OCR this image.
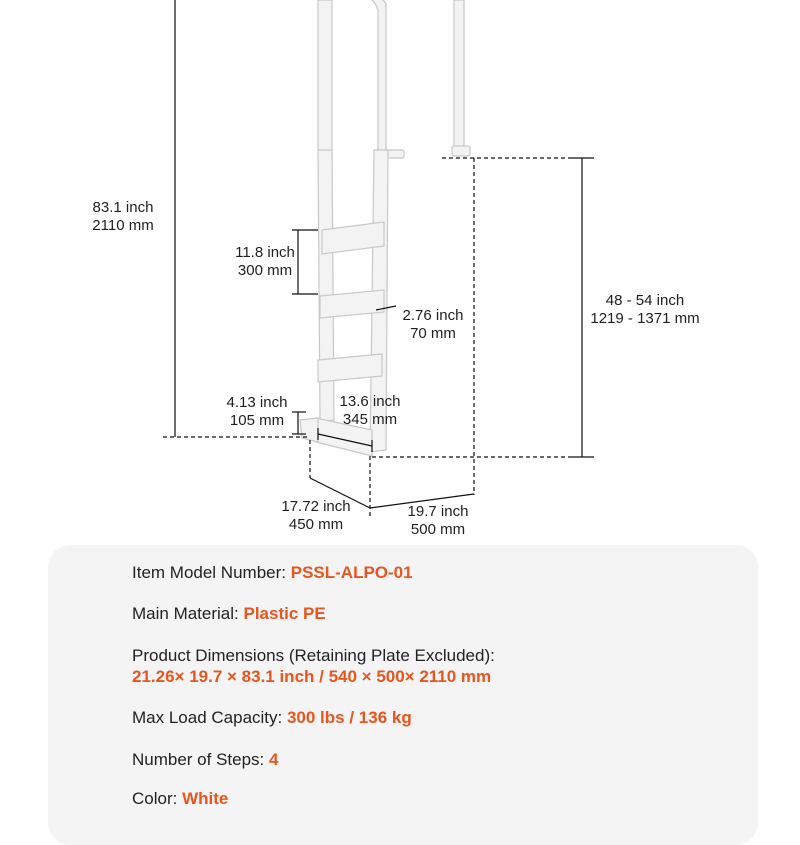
83.1 inch
2110 mm
11.8 inch
300 mm
2.76 inch
70 mm
48 - 54 inch
1219 - 1371 mm
4.13 inch
105 mm
13.6 inch
345 mm
17.72 inch
450 mm
19.7 inch
500 mm
Item Model Number: PSSL-ALPO-01
Main Material: Plastic PE
Product Dimensions (Retaining Plate Excluded):
21.26× 19.7 × 83.1 inch / 540 × 500× 2110 mm
Max Load Capacity: 300 lbs / 136 kg
Number of Steps: 4
Color: White
